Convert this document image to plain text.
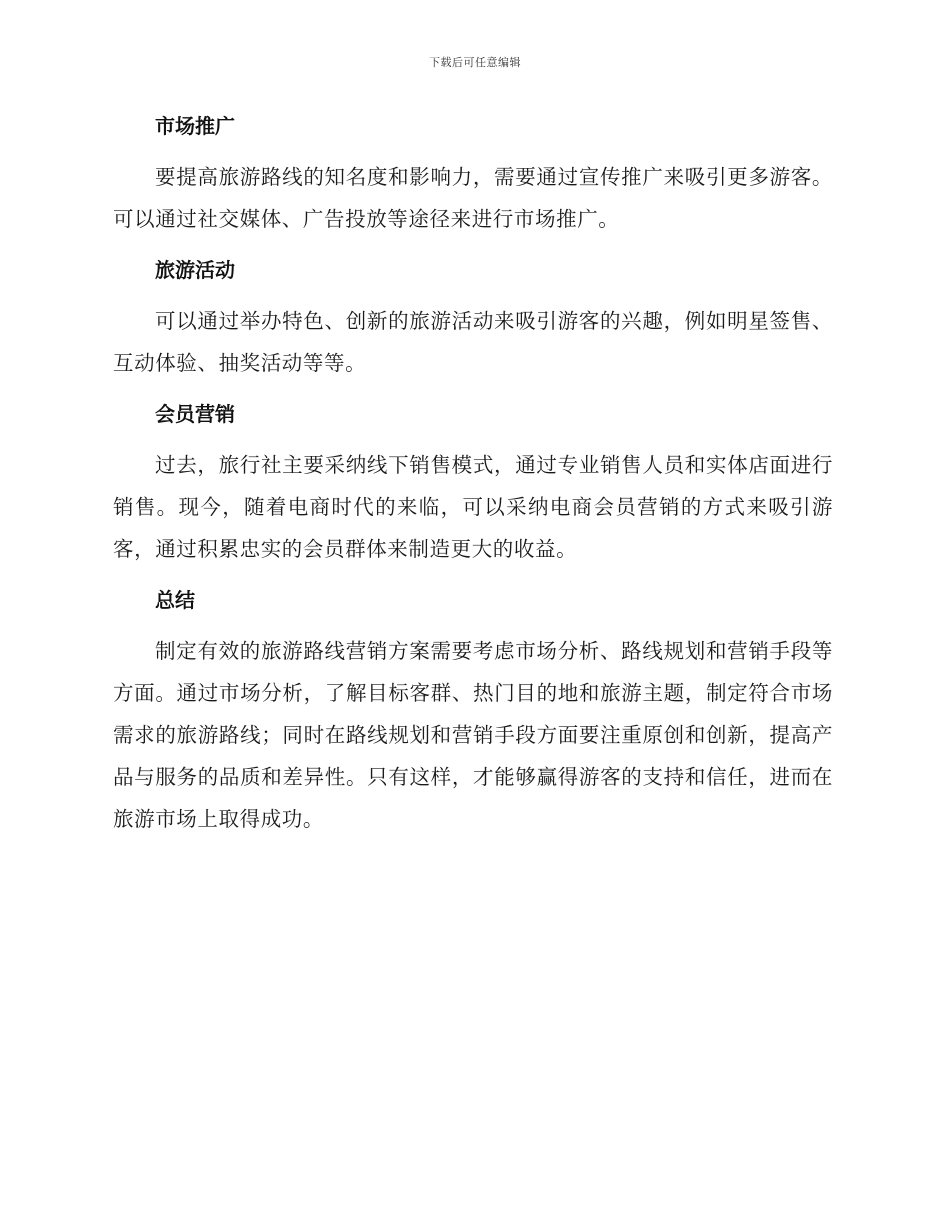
下载后可任意编辑
市场推广

要提高旅游路线的知名度和影响力，需要通过宣传推广来吸引更多游客。可以通过社交媒体、广告投放等途径来进行市场推广。

旅游活动

可以通过举办特色、创新的旅游活动来吸引游客的兴趣，例如明星签售、互动体验、抽奖活动等等。

会员营销

过去，旅行社主要采纳线下销售模式，通过专业销售人员和实体店面进行销售。现今，随着电商时代的来临，可以采纳电商会员营销的方式来吸引游客，通过积累忠实的会员群体来制造更大的收益。

总结

制定有效的旅游路线营销方案需要考虑市场分析、路线规划和营销手段等方面。通过市场分析，了解目标客群、热门目的地和旅游主题，制定符合市场需求的旅游路线；同时在路线规划和营销手段方面要注重原创和创新，提高产品与服务的品质和差异性。只有这样，才能够赢得游客的支持和信任，进而在旅游市场上取得成功。
